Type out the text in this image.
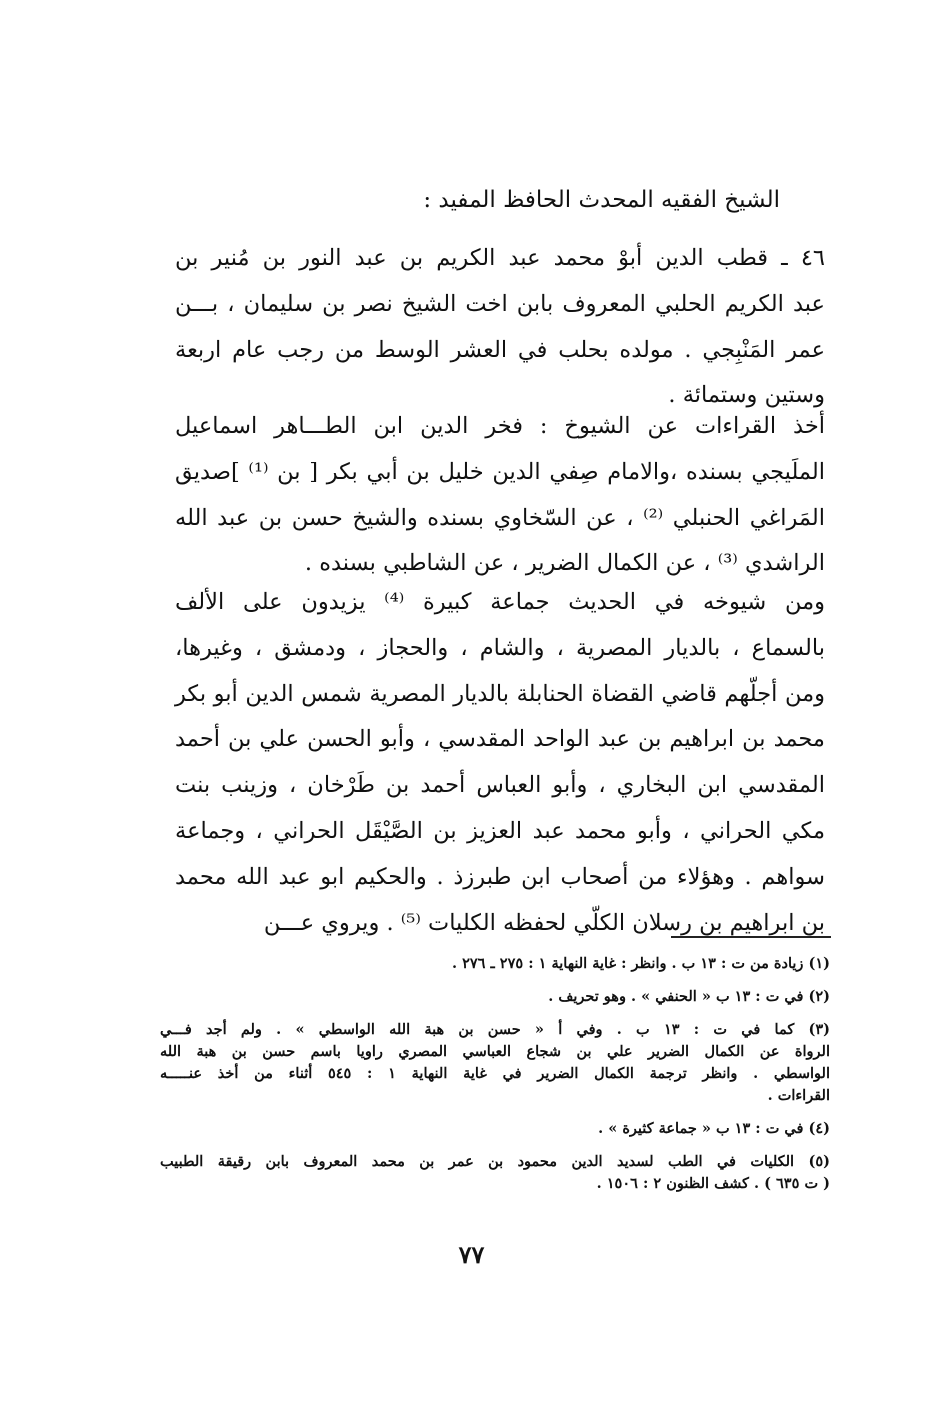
الشيخ الفقيه المحدث الحافظ المفيد :
٤٦ ـ قطب الدين أبوْ محمد عبد الكريم بن عبد النور بن مُنير بن
عبد الكريم الحلبي المعروف بابن اخت الشيخ نصر بن سليمان ، بـــن
عمر المَنْبِجي . مولده بحلب في العشر الوسط من رجب عام اربعة
وستين وستمائة .
أخذ القراءات عن الشيوخ : فخر الدين ابن الطـــاهر اسماعيل
الملَيجي بسنده ،والامام صِفي الدين خليل بن أبي بكر [ بن ⁽¹⁾ ]صديق
المَراغي الحنبلي ⁽²⁾ ، عن السّخاوي بسنده والشيخ حسن بن عبد الله
الراشدي ⁽³⁾ ، عن الكمال الضرير ، عن الشاطبي بسنده .
ومن شيوخه في الحديث جماعة كبيرة ⁽⁴⁾ يزيدون على الألف
بالسماع ، بالديار المصرية ، والشام ، والحجاز ، ودمشق ، وغيرها،
ومن أجلّهم قاضي القضاة الحنابلة بالديار المصرية شمس الدين أبو بكر
محمد بن ابراهيم بن عبد الواحد المقدسي ، وأبو الحسن علي بن أحمد
المقدسي ابن البخاري ، وأبو العباس أحمد بن طَرْخان ، وزينب بنت
مكي الحراني ، وأبو محمد عبد العزيز بن الصَّيْقَل الحراني ، وجماعة
سواهم . وهؤلاء من أصحاب ابن طبرزذ . والحكيم ابو عبد الله محمد
بن ابراهيم بن رسلان الكلّي لحفظه الكليات ⁽⁵⁾ . ويروي عـــن
(١) زيادة من ت : ١٣ ب . وانظر : غاية النهاية ١ : ٢٧٥ ـ ٢٧٦ .
(٢) في ت : ١٣ ب « الحنفي » . وهو تحريف .
(٣) كما في ت : ١٣ ب . وفي أ « حسن بن هبة الله الواسطي » . ولم أجد فـــي
الرواة عن الكمال الضرير علي بن شجاع العباسي المصري راويا باسم حسن بن هبة الله
الواسطي . وانظر ترجمة الكمال الضرير في غاية النهاية ١ : ٥٤٥ أثناء من أخذ عنـــــه
القراءات .
(٤) في ت : ١٣ ب « جماعة كثيرة » .
(٥) الكليات في الطب لسديد الدين محمود بن عمر بن محمد المعروف بابن رقيقة الطبيب
( ت ٦٣٥ ) . كشف الظنون ٢ : ١٥٠٦ .
٧٧
